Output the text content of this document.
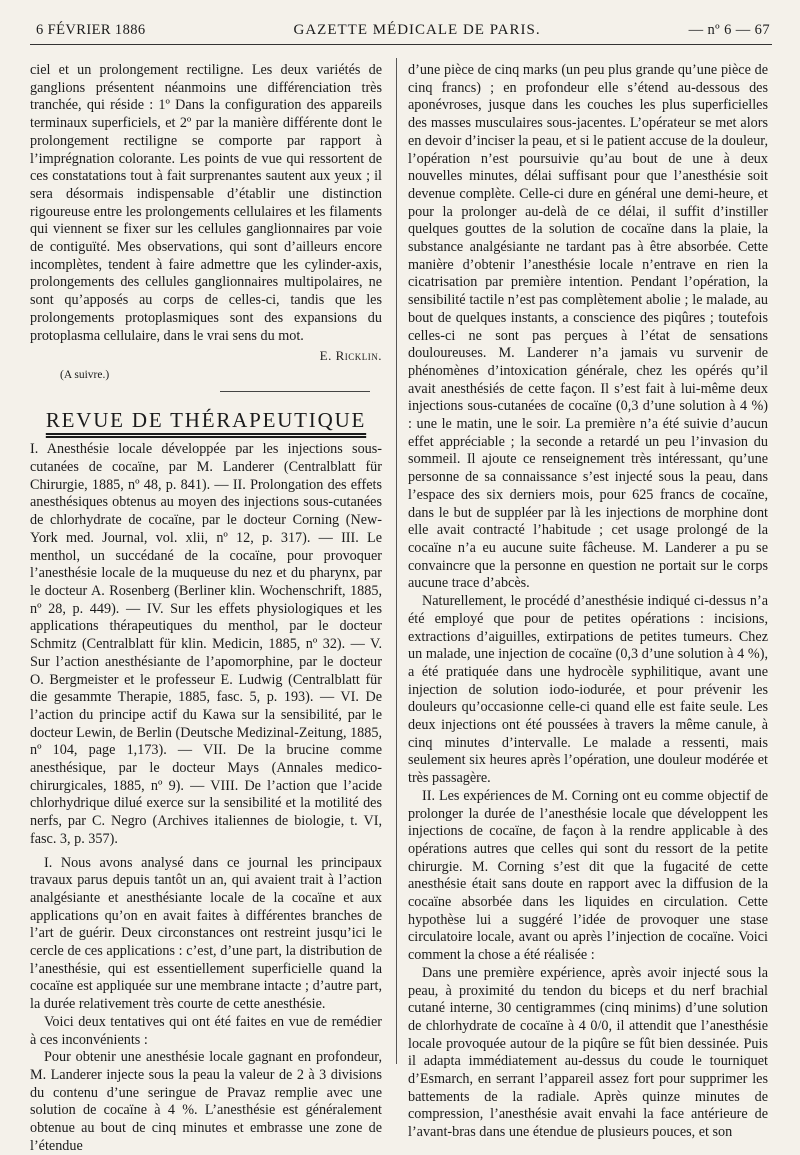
6 FÉVRIER 1886	GAZETTE MÉDICALE DE PARIS.	— nº 6 — 67

ciel et un prolongement rectiligne. Les deux variétés de ganglions présentent néanmoins une différenciation très tranchée, qui réside : 1º Dans la configuration des appareils terminaux superficiels, et 2º par la manière différente dont le prolongement rectiligne se comporte par rapport à l’imprégnation colorante. Les points de vue qui ressortent de ces constatations tout à fait surprenantes sautent aux yeux ; il sera désormais indispensable d’établir une distinction rigoureuse entre les prolongements cellulaires et les filaments qui viennent se fixer sur les cellules ganglionnaires par voie de contiguïté. Mes observations, qui sont d’ailleurs encore incomplètes, tendent à faire admettre que les cylinder-axis, prolongements des cellules ganglionnaires multipolaires, ne sont qu’apposés au corps de celles-ci, tandis que les prolongements protoplasmiques sont des expansions du protoplasma cellulaire, dans le vrai sens du mot.

E. Ricklin.
(A suivre.)
REVUE DE THÉRAPEUTIQUE

I. Anesthésie locale développée par les injections sous-cutanées de cocaïne, par M. Landerer (Centralblatt für Chirurgie, 1885, nº 48, p. 841). — II. Prolongation des effets anesthésiques obtenus au moyen des injections sous-cutanées de chlorhydrate de cocaïne, par le docteur Corning (New-York med. Journal, vol. xlii, nº 12, p. 317). — III. Le menthol, un succédané de la cocaïne, pour provoquer l’anesthésie locale de la muqueuse du nez et du pharynx, par le docteur A. Rosenberg (Berliner klin. Wochenschrift, 1885, nº 28, p. 449). — IV. Sur les effets physiologiques et les applications thérapeutiques du menthol, par le docteur Schmitz (Centralblatt für klin. Medicin, 1885, nº 32). — V. Sur l’action anesthésiante de l’apomorphine, par le docteur O. Bergmeister et le professeur E. Ludwig (Centralblatt für die gesammte Therapie, 1885, fasc. 5, p. 193). — VI. De l’action du principe actif du Kawa sur la sensibilité, par le docteur Lewin, de Berlin (Deutsche Medizinal-Zeitung, 1885, nº 104, page 1,173). — VII. De la brucine comme anesthésique, par le docteur Mays (Annales medico-chirurgicales, 1885, nº 9). — VIII. De l’action que l’acide chlorhydrique dilué exerce sur la sensibilité et la motilité des nerfs, par C. Negro (Archives italiennes de biologie, t. VI, fasc. 3, p. 357).

I. Nous avons analysé dans ce journal les principaux travaux parus depuis tantôt un an, qui avaient trait à l’action analgésiante et anesthésiante locale de la cocaïne et aux applications qu’on en avait faites à différentes branches de l’art de guérir. Deux circonstances ont restreint jusqu’ici le cercle de ces applications : c’est, d’une part, la distribution de l’anesthésie, qui est essentiellement superficielle quand la cocaïne est appliquée sur une membrane intacte ; d’autre part, la durée relativement très courte de cette anesthésie.

Voici deux tentatives qui ont été faites en vue de remédier à ces inconvénients :

Pour obtenir une anesthésie locale gagnant en profondeur, M. Landerer injecte sous la peau la valeur de 2 à 3 divisions du contenu d’une seringue de Pravaz remplie avec une solution de cocaïne à 4 %. L’anesthésie est généralement obtenue au bout de cinq minutes et embrasse une zone de l’étendue

d’une pièce de cinq marks (un peu plus grande qu’une pièce de cinq francs) ; en profondeur elle s’étend au-dessous des aponévroses, jusque dans les couches les plus superficielles des masses musculaires sous-jacentes. L’opérateur se met alors en devoir d’inciser la peau, et si le patient accuse de la douleur, l’opération n’est poursuivie qu’au bout de une à deux nouvelles minutes, délai suffisant pour que l’anesthésie soit devenue complète. Celle-ci dure en général une demi-heure, et pour la prolonger au-delà de ce délai, il suffit d’instiller quelques gouttes de la solution de cocaïne dans la plaie, la substance analgésiante ne tardant pas à être absorbée. Cette manière d’obtenir l’anesthésie locale n’entrave en rien la cicatrisation par première intention. Pendant l’opération, la sensibilité tactile n’est pas complètement abolie ; le malade, au bout de quelques instants, a conscience des piqûres ; toutefois celles-ci ne sont pas perçues à l’état de sensations douloureuses. M. Landerer n’a jamais vu survenir de phénomènes d’intoxication générale, chez les opérés qu’il avait anesthésiés de cette façon. Il s’est fait à lui-même deux injections sous-cutanées de cocaïne (0,3 d’une solution à 4 %) : une le matin, une le soir. La première n’a été suivie d’aucun effet appréciable ; la seconde a retardé un peu l’invasion du sommeil. Il ajoute ce renseignement très intéressant, qu’une personne de sa connaissance s’est injecté sous la peau, dans l’espace des six derniers mois, pour 625 francs de cocaïne, dans le but de suppléer par là les injections de morphine dont elle avait contracté l’habitude ; cet usage prolongé de la cocaïne n’a eu aucune suite fâcheuse. M. Landerer a pu se convaincre que la personne en question ne portait sur le corps aucune trace d’abcès.

Naturellement, le procédé d’anesthésie indiqué ci-dessus n’a été employé que pour de petites opérations : incisions, extractions d’aiguilles, extirpations de petites tumeurs. Chez un malade, une injection de cocaïne (0,3 d’une solution à 4 %), a été pratiquée dans une hydrocèle syphilitique, avant une injection de solution iodo-iodurée, et pour prévenir les douleurs qu’occasionne celle-ci quand elle est faite seule. Les deux injections ont été poussées à travers la même canule, à cinq minutes d’intervalle. Le malade a ressenti, mais seulement six heures après l’opération, une douleur modérée et très passagère.

II. Les expériences de M. Corning ont eu comme objectif de prolonger la durée de l’anesthésie locale que développent les injections de cocaïne, de façon à la rendre applicable à des opérations autres que celles qui sont du ressort de la petite chirurgie. M. Corning s’est dit que la fugacité de cette anesthésie était sans doute en rapport avec la diffusion de la cocaïne absorbée dans les liquides en circulation. Cette hypothèse lui a suggéré l’idée de provoquer une stase circulatoire locale, avant ou après l’injection de cocaïne. Voici comment la chose a été réalisée :

Dans une première expérience, après avoir injecté sous la peau, à proximité du tendon du biceps et du nerf brachial cutané interne, 30 centigrammes (cinq minims) d’une solution de chlorhydrate de cocaïne à 4 0/0, il attendit que l’anesthésie locale provoquée autour de la piqûre se fût bien dessinée. Puis il adapta immédiatement au-dessus du coude le tourniquet d’Esmarch, en serrant l’appareil assez fort pour supprimer les battements de la radiale. Après quinze minutes de compression, l’anesthésie avait envahi la face antérieure de l’avant-bras dans une étendue de plusieurs pouces, et son
